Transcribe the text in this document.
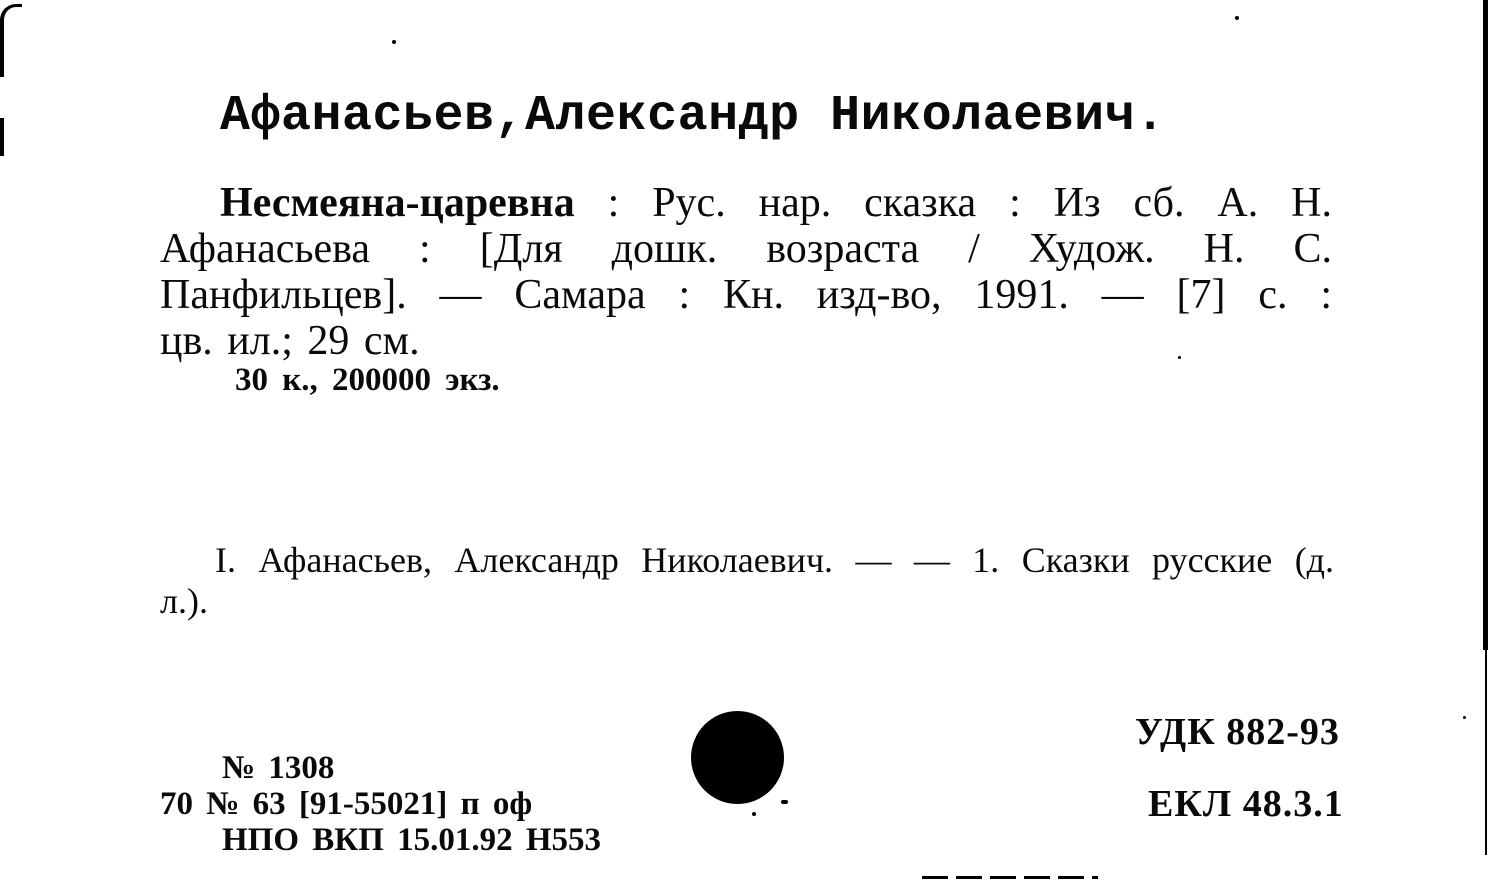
Афанасьев,Александр Николаевич.
Несмеяна-царевна : Рус. нар. сказка : Из сб. А. Н.
Афанасьева : [Для дошк. возраста / Худож. Н. С.
Панфильцев]. — Самара : Кн. изд-во, 1991. — [7] с. :
цв. ил.; 29 см.
30 к., 200000 экз.
I. Афанасьев, Александр Николаевич. — — 1. Сказки русские (д.
л.).
№ 1308
70 № 63 [91-55021] п оф
НПО ВКП 15.01.92 Н553
УДК 882-93
ЕКЛ 48.3.1
